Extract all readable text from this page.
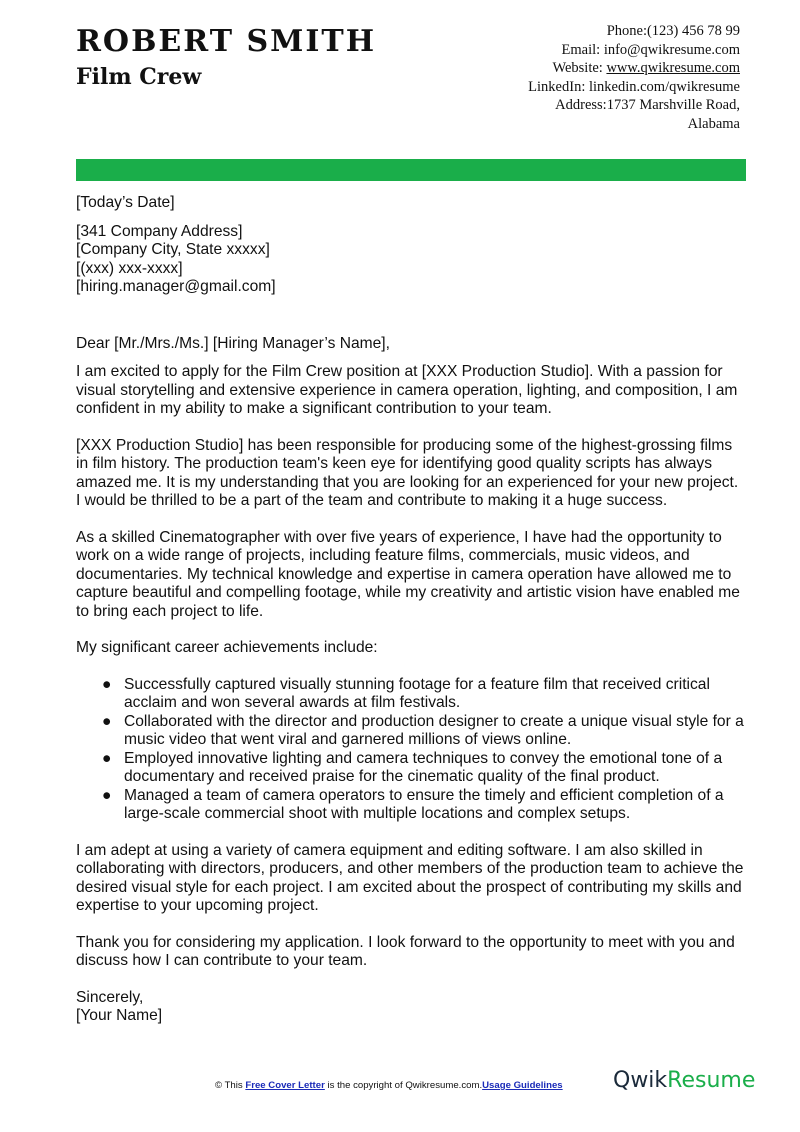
ROBERT SMITH
Film Crew
Phone:(123) 456 78 99
Email: info@qwikresume.com
Website: www.qwikresume.com
LinkedIn: linkedin.com/qwikresume
Address:1737 Marshville Road,
Alabama

[Today’s Date]

[341 Company Address]

[Company City, State xxxxx]

[(xxx) xxx-xxxx]

[hiring.manager@gmail.com]

Dear [Mr./Mrs./Ms.] [Hiring Manager’s Name],

I am excited to apply for the Film Crew position at [XXX Production Studio]. With a passion for visual storytelling and extensive experience in camera operation, lighting, and composition, I am confident in my ability to make a significant contribution to your team.

[XXX Production Studio] has been responsible for producing some of the highest-grossing films in film history. The production team's keen eye for identifying good quality scripts has always amazed me. It is my understanding that you are looking for an experienced for your new project. I would be thrilled to be a part of the team and contribute to making it a huge success.

As a skilled Cinematographer with over five years of experience, I have had the opportunity to work on a wide range of projects, including feature films, commercials, music videos, and documentaries. My technical knowledge and expertise in camera operation have allowed me to capture beautiful and compelling footage, while my creativity and artistic vision have enabled me to bring each project to life.

My significant career achievements include:

● Successfully captured visually stunning footage for a feature film that received critical acclaim and won several awards at film festivals.
● Collaborated with the director and production designer to create a unique visual style for a music video that went viral and garnered millions of views online.
● Employed innovative lighting and camera techniques to convey the emotional tone of a documentary and received praise for the cinematic quality of the final product.
● Managed a team of camera operators to ensure the timely and efficient completion of a large-scale commercial shoot with multiple locations and complex setups.

I am adept at using a variety of camera equipment and editing software. I am also skilled in collaborating with directors, producers, and other members of the production team to achieve the desired visual style for each project. I am excited about the prospect of contributing my skills and expertise to your upcoming project.

Thank you for considering my application. I look forward to the opportunity to meet with you and discuss how I can contribute to your team.

Sincerely,

[Your Name]

© This Free Cover Letter is the copyright of Qwikresume.com.Usage Guidelines QwikResume
